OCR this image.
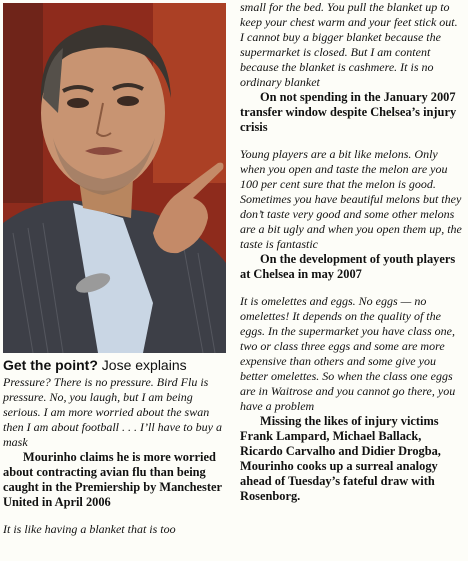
Get the point? Jose explains

Pressure? There is no pressure. Bird Flu is pressure. No, you laugh, but I am being serious. I am more worried about the swan then I am about football . . . I’ll have to buy a mask

Mourinho claims he is more worried about contracting avian flu than being caught in the Premiership by Manchester United in April 2006

It is like having a blanket that is too

small for the bed. You pull the blanket up to keep your chest warm and your feet stick out. I cannot buy a bigger blanket because the supermarket is closed. But I am content because the blanket is cashmere. It is no ordinary blanket

On not spending in the January 2007 transfer window despite Chelsea’s injury crisis

Young players are a bit like melons. Only when you open and taste the melon are you 100 per cent sure that the melon is good. Sometimes you have beautiful melons but they don’t taste very good and some other melons are a bit ugly and when you open them up, the taste is fantastic

On the development of youth players at Chelsea in may 2007

It is omelettes and eggs. No eggs — no omelettes! It depends on the quality of the eggs. In the supermarket you have class one, two or class three eggs and some are more expensive than others and some give you better omelettes. So when the class one eggs are in Waitrose and you cannot go there, you have a problem

Missing the likes of injury victims Frank Lampard, Michael Ballack, Ricardo Carvalho and Didier Drogba, Mourinho cooks up a surreal analogy ahead of Tuesday’s fateful draw with Rosenborg.
